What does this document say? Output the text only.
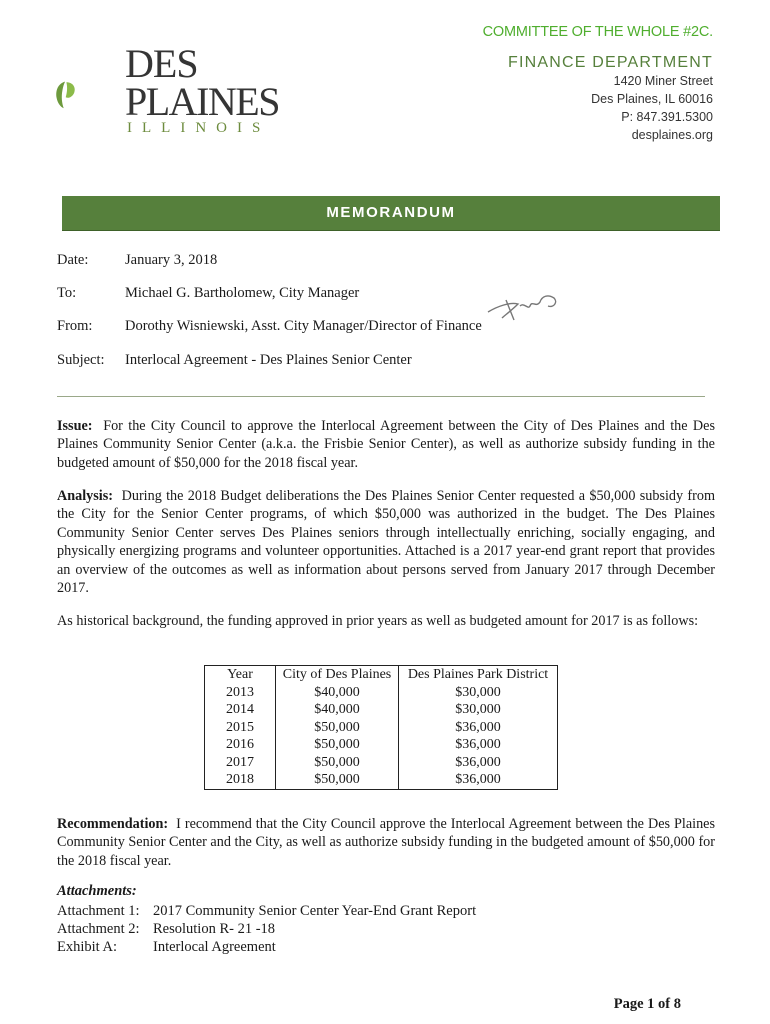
COMMITTEE OF THE WHOLE #2C.
DES
PLAINES
ILLINOIS
FINANCE DEPARTMENT
1420 Miner Street
Des Plaines, IL 60016
P: 847.391.5300
desplaines.org
MEMORANDUM
Date:	January 3, 2018
To:	Michael G. Bartholomew, City Manager
From: Dorothy Wisniewski, Asst. City Manager/Director of Finance
Subject: Interlocal Agreement - Des Plaines Senior Center
Issue: For the City Council to approve the Interlocal Agreement between the City of Des Plaines and the Des Plaines Community Senior Center (a.k.a. the Frisbie Senior Center), as well as authorize subsidy funding in the budgeted amount of $50,000 for the 2018 fiscal year.
Analysis: During the 2018 Budget deliberations the Des Plaines Senior Center requested a $50,000 subsidy from the City for the Senior Center programs, of which $50,000 was authorized in the budget. The Des Plaines Community Senior Center serves Des Plaines seniors through intellectually enriching, socially engaging, and physically energizing programs and volunteer opportunities. Attached is a 2017 year-end grant report that provides an overview of the outcomes as well as information about persons served from January 2017 through December 2017.
As historical background, the funding approved in prior years as well as budgeted amount for 2017 is as follows:
Year	City of Des Plaines	Des Plaines Park District
2013	$40,000	$30,000
2014	$40,000	$30,000
2015	$50,000	$36,000
2016	$50,000	$36,000
2017	$50,000	$36,000
2018	$50,000	$36,000
Recommendation: I recommend that the City Council approve the Interlocal Agreement between the Des Plaines Community Senior Center and the City, as well as authorize subsidy funding in the budgeted amount of $50,000 for the 2018 fiscal year.
Attachments:
Attachment 1: 2017 Community Senior Center Year-End Grant Report
Attachment 2: Resolution R- 21 -18
Exhibit A: Interlocal Agreement
Page 1 of 8
